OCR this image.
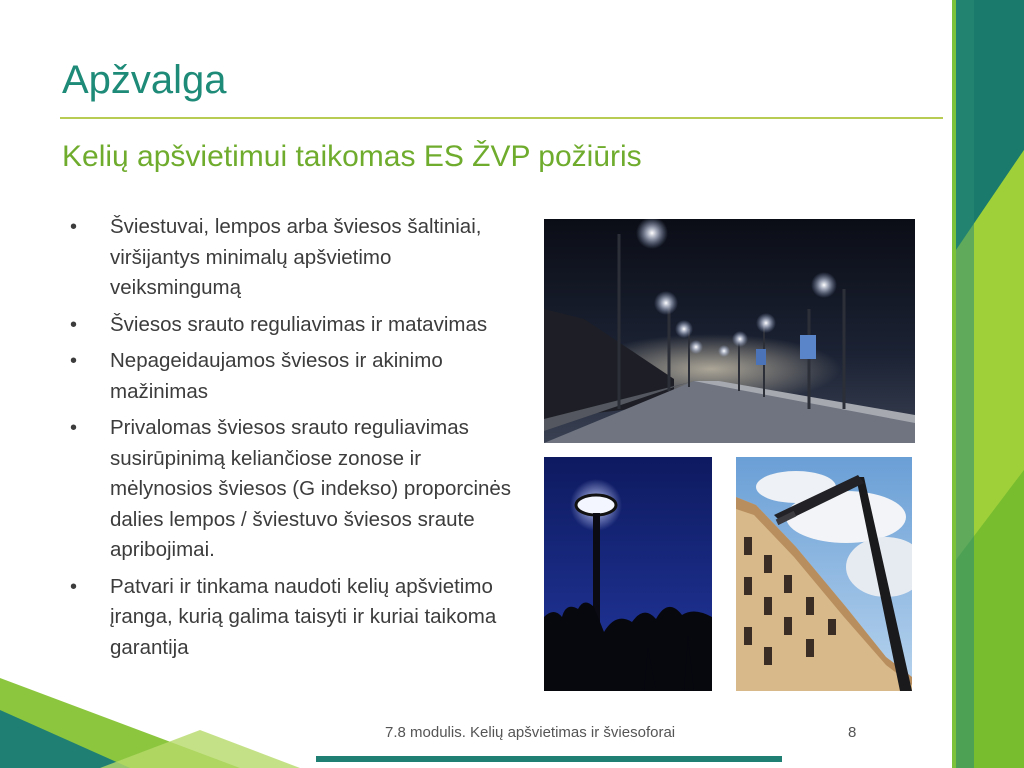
Apžvalga
Kelių apšvietimui taikomas ES ŽVP požiūris
• Šviestuvai, lempos arba šviesos šaltiniai, viršijantys minimalų apšvietimo veiksmingumą
• Šviesos srauto reguliavimas ir matavimas
• Nepageidaujamos šviesos ir akinimo mažinimas
• Privalomas šviesos srauto reguliavimas susirūpinimą keliančiose zonose ir mėlynosios šviesos (G indekso) proporcinės dalies lempos / šviestuvo šviesos sraute apribojimai.
• Patvari ir tinkama naudoti kelių apšvietimo įranga, kurią galima taisyti ir kuriai taikoma garantija
7.8 modulis. Kelių apšvietimas ir šviesoforai	8
